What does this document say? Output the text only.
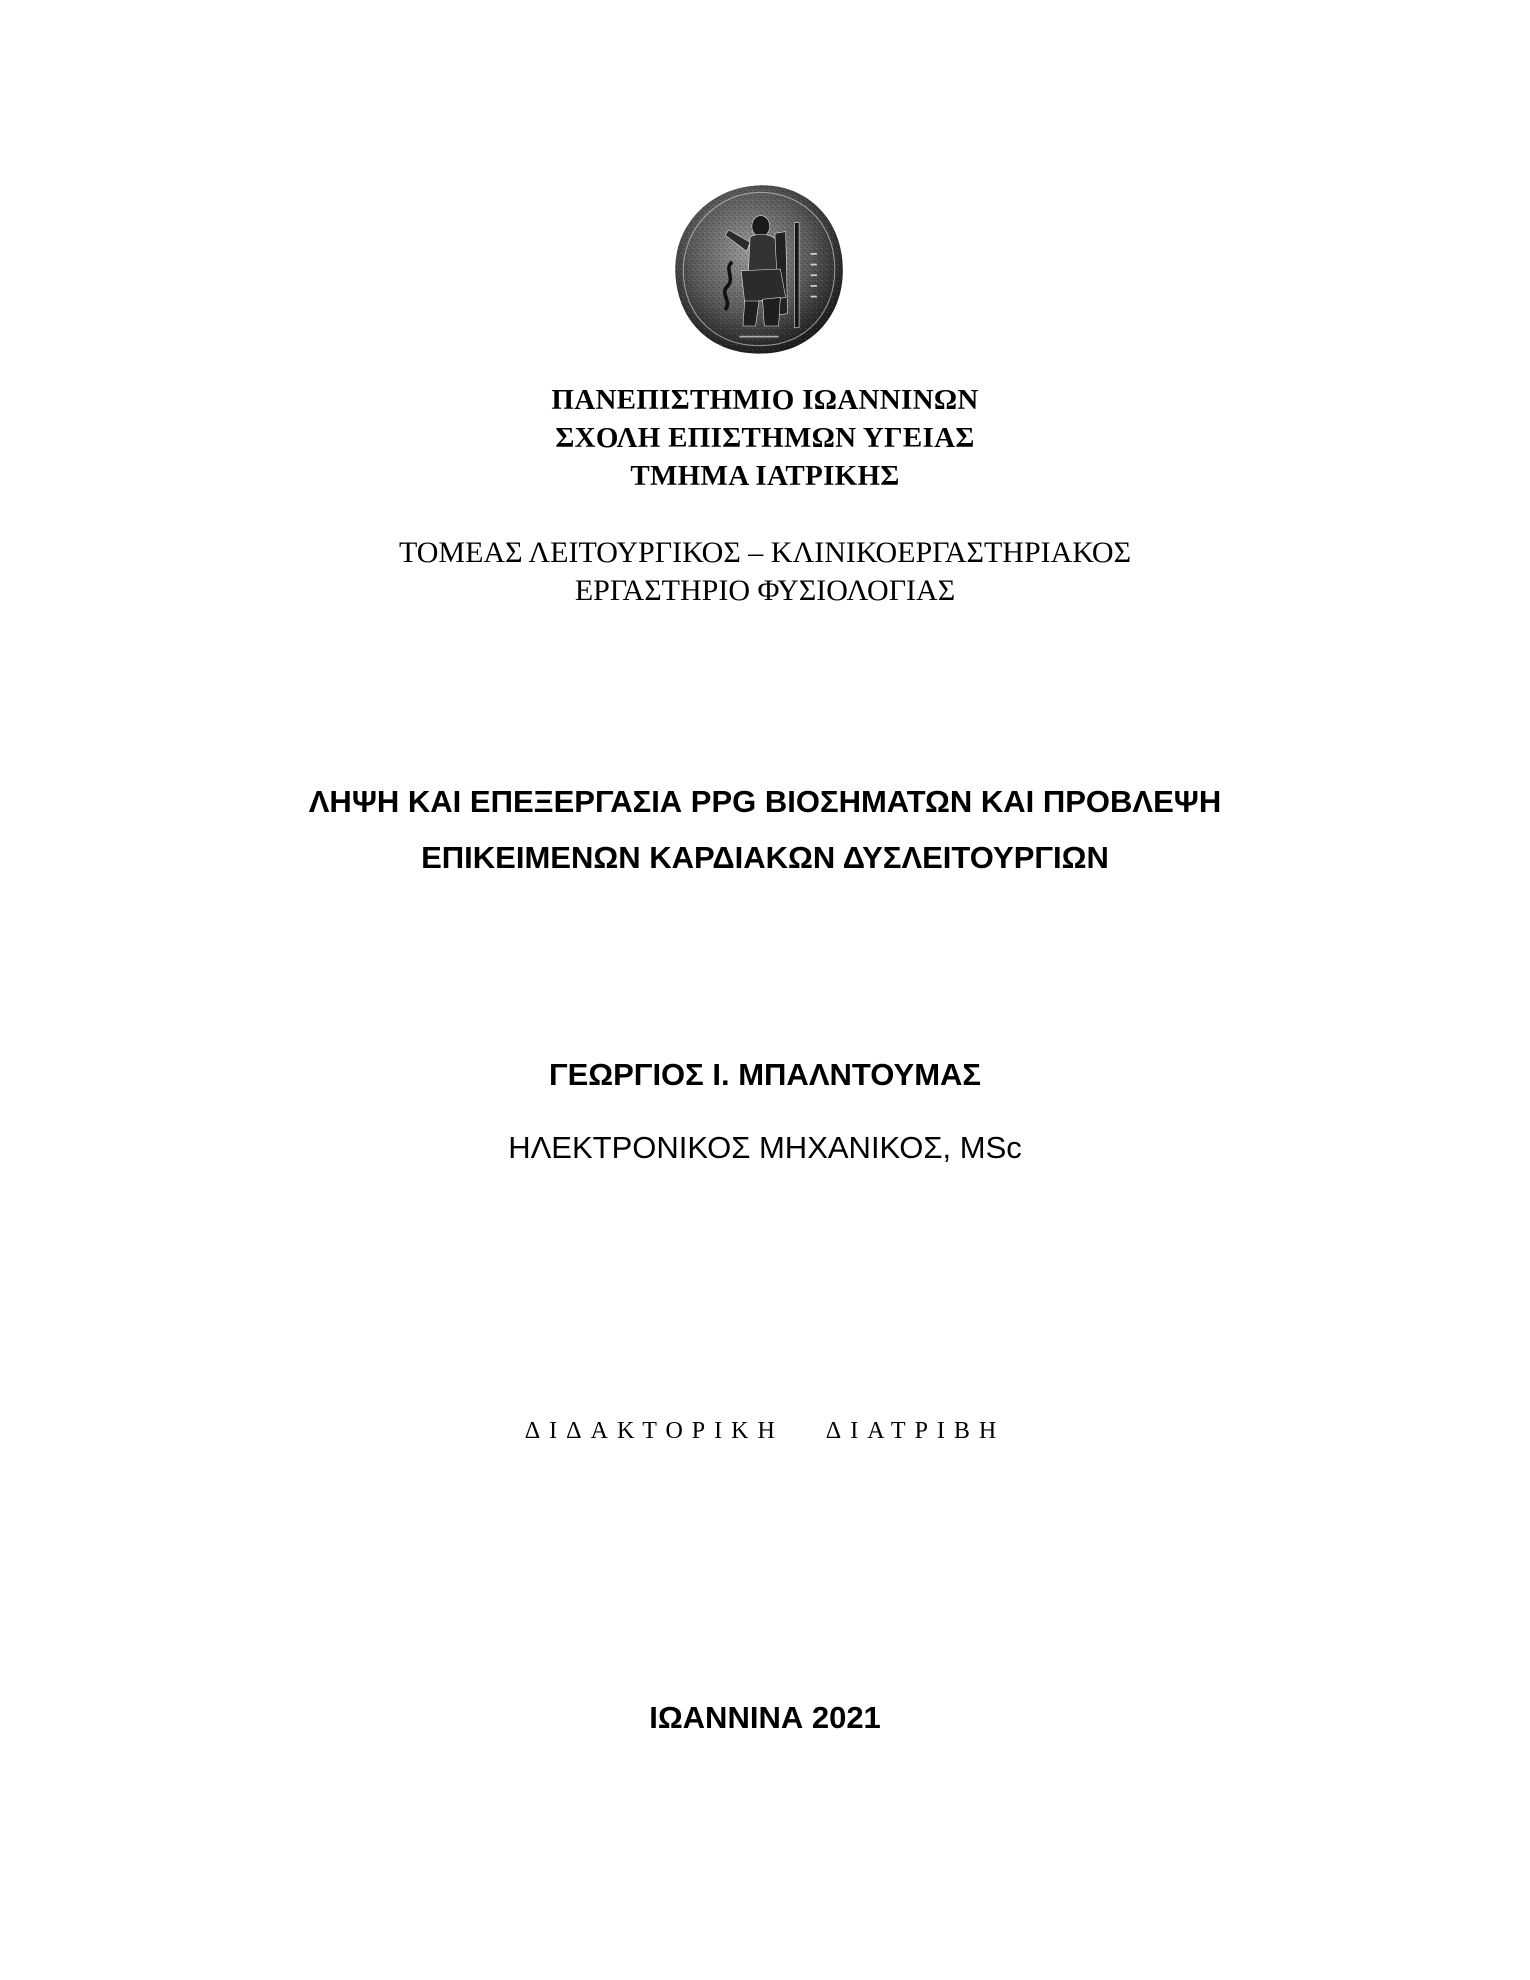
ΠΑΝΕΠΙΣΤΗΜΙΟ ΙΩΑΝΝΙΝΩΝ
ΣΧΟΛΗ ΕΠΙΣΤΗΜΩΝ ΥΓΕΙΑΣ
ΤΜΗΜΑ ΙΑΤΡΙΚΗΣ
ΤΟΜΕΑΣ ΛΕΙΤΟΥΡΓΙΚΟΣ – ΚΛΙΝΙΚΟΕΡΓΑΣΤΗΡΙΑΚΟΣ
ΕΡΓΑΣΤΗΡΙΟ ΦΥΣΙΟΛΟΓΙΑΣ
ΛΗΨΗ ΚΑΙ ΕΠΕΞΕΡΓΑΣΙΑ PPG ΒΙΟΣΗΜΑΤΩΝ ΚΑΙ ΠΡΟΒΛΕΨΗ
ΕΠΙΚΕΙΜΕΝΩΝ ΚΑΡΔΙΑΚΩΝ ΔΥΣΛΕΙΤΟΥΡΓΙΩΝ
ΓΕΩΡΓΙΟΣ Ι. ΜΠΑΛΝΤΟΥΜΑΣ
ΗΛΕΚΤΡΟΝΙΚΟΣ ΜΗΧΑΝΙΚΟΣ, MSc
ΔΙΔΑΚΤΟΡΙΚΗ ΔΙΑΤΡΙΒΗ
ΙΩΑΝΝΙΝΑ 2021
